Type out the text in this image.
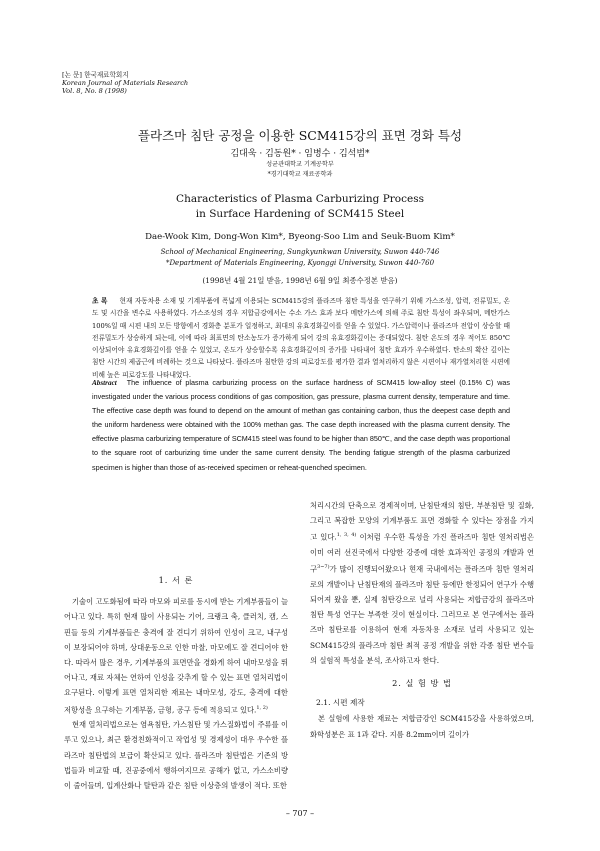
[논 문] 한국재료학회지
Korean Journal of Materials Research
Vol. 8, No. 8 (1998)
플라즈마 침탄 공정을 이용한 SCM415강의 표면 경화 특성
김대욱 · 김동원* · 임병수 · 김석범*
성균관대학교 기계공학부
*경기대학교 재료공학과
Characteristics of Plasma Carburizing Process
in Surface Hardening of SCM415 Steel
Dae-Wook Kim, Dong-Won Kim*, Byeong-Soo Lim and Seuk-Buom Kim*
School of Mechanical Engineering, Sungkyunkwan University, Suwon 440-746
*Department of Materials Engineering, Kyonggi University, Suwon 440-760
(1998년 4월 21일 받음, 1998년 6월 9일 최종수정본 받음)
초 록 현재 자동차용 소재 및 기계부품에 폭넓게 이용되는 SCM415강의 플라즈마 침탄 특성을 연구하기 위해 가스조성, 압력, 전류밀도, 온도 및 시간을 변수로 사용하였다. 가스조성의 경우 저합금강에서는 수소 가스 효과 보다 메탄가스에 의해 주로 침탄 특성이 좌우되며, 메탄가스 100%일 때 시편 내의 모든 방향에서 경화층 분포가 일정하고, 최대의 유효경화깊이를 얻을 수 있었다. 가스압력이나 플라즈마 전압이 상승할 때 전류밀도가 상승하게 되는데, 이에 따라 최표면의 탄소농도가 증가하게 되어 강의 유효경화깊이는 증대되었다. 침탄 온도의 경우 적어도 850℃ 이상되어야 유효경화깊이를 얻을 수 있었고, 온도가 상승할수록 유효경화깊이의 증가를 나타내어 침탄 효과가 우수하였다. 탄소의 확산 깊이는 침탄 시간의 제곱근에 비례하는 것으로 나타났다. 플라즈마 침탄한 강의 피로강도를 평가한 결과 열처리하지 않은 시편이나 재가열처리한 시편에 비해 높은 피로강도를 나타내었다.
Abstract The influence of plasma carburizing process on the surface hardness of SCM415 low-alloy steel (0.15% C) was investigated under the various process conditions of gas composition, gas pressure, plasma current density, temperature and time. The effective case depth was found to depend on the amount of methan gas containing carbon, thus the deepest case depth and the uniform hardeness were obtained with the 100% methan gas. The case depth increased with the plasma current density. The effective plasma carburizing temperature of SCM415 steel was found to be higher than 850℃, and the case depth was proportional to the square root of carburizing time under the same current density. The bending fatigue strength of the plasma carburized specimen is higher than those of as-received specimen or reheat-quenched specimen.
1. 서 론

기술이 고도화됨에 따라 마모와 피로를 동시에 받는 기계부품들이 늘어나고 있다. 특히 현재 많이 사용되는 기어, 크랭크 축, 클러치, 캠, 스핀들 등의 기계부품들은 충격에 잘 견디기 위하여 인성이 크고, 내구성이 보장되어야 하며, 상대운동으로 인한 마찰, 마모에도 잘 견디어야 한다. 따라서 많은 경우, 기계부품의 표면만을 경화게 하여 내마모성을 뛰어나고, 재료 자체는 연하여 인성을 갖추게 할 수 있는 표면 열처리법이 요구된다. 이렇게 표면 열처리한 재료는 내마모성, 강도, 충격에 대한 저항성을 요구하는 기계부품, 금형, 공구 등에 적용되고 있다.$^{1, 2)}$

현재 열처리법으로는 염욕침탄, 가스침탄 및 가스질화법이 주류를 이루고 있으나, 최근 환경친화적이고 작업성 및 경제성이 대우 우수한 플라즈마 침탄법의 보급이 확산되고 있다. 플라즈마 침탄법은 기존의 방법들과 비교할 때, 진공중에서 행하여지므로 공해가 없고, 가스소비량이 줄어들며, 입계산화나 탈탄과 같은 침탄 이상층의 발생이 적다. 또한

처리시간의 단축으로 경제적이며, 난침탄재의 침탄, 부분침탄 및 질화, 그리고 복잡한 모양의 기계부품도 표면 경화할 수 있다는 장점을 가지고 있다.$^{1, 3, 4)}$ 이처럼 우수한 특성을 가진 플라즈마 침탄 열처리법은 이미 여러 선진국에서 다양한 강종에 대한 효과적인 공정의 개발과 연구$^{3\sim 7)}$가 많이 진행되어왔으나 현재 국내에서는 플라즈마 침탄 열처리로의 개발이나 난침탄재의 플라즈마 침탄 등에만 한정되어 연구가 수행되어져 왔을 뿐, 실제 침탄강으로 널리 사용되는 저합금강의 플라즈마 침탄 특성 연구는 부족한 것이 현실이다. 그러므로 본 연구에서는 플라즈마 침탄로를 이용하여 현재 자동차용 소재로 널리 사용되고 있는 SCM415강의 플라즈마 침탄 최적 공정 개발을 위한 각종 침탄 변수들의 실험적 특성을 분석, 조사하고자 한다.

2. 실 험 방 법
2.1. 시편 제작

본 실험에 사용한 재료는 저합금강인 SCM415강을 사용하였으며, 화학성분은 표 1과 같다. 지름 8.2mm이며 길이가

– 707 –
